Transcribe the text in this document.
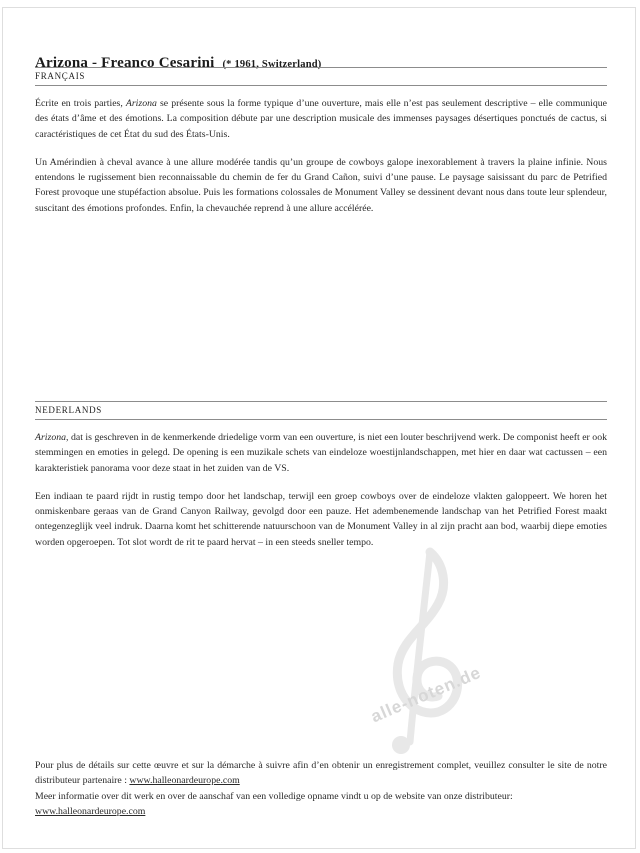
Arizona - Freanco Cesarini (* 1961, Switzerland)
FRANÇAIS

Écrite en trois parties, Arizona se présente sous la forme typique d’une ouverture, mais elle n’est pas seulement descriptive – elle communique des états d’âme et des émotions. La composition débute par une description musicale des immenses paysages désertiques ponctués de cactus, si caractéristiques de cet État du sud des États-Unis.

Un Amérindien à cheval avance à une allure modérée tandis qu’un groupe de cowboys galope inexorablement à travers la plaine infinie. Nous entendons le rugissement bien reconnaissable du chemin de fer du Grand Cañon, suivi d’une pause. Le paysage saisissant du parc de Petrified Forest provoque une stupéfaction absolue. Puis les formations colossales de Monument Valley se dessinent devant nous dans toute leur splendeur, suscitant des émotions profondes. Enfin, la chevauchée reprend à une allure accélérée.

NEDERLANDS

Arizona, dat is geschreven in de kenmerkende driedelige vorm van een ouverture, is niet een louter beschrijvend werk. De componist heeft er ook stemmingen en emoties in gelegd. De opening is een muzikale schets van eindeloze woestijnlandschappen, met hier en daar wat cactussen – een karakteristiek panorama voor deze staat in het zuiden van de VS.

Een indiaan te paard rijdt in rustig tempo door het landschap, terwijl een groep cowboys over de eindeloze vlakten galoppeert. We horen het onmiskenbare geraas van de Grand Canyon Railway, gevolgd door een pauze. Het adembenemende landschap van het Petrified Forest maakt ontegenzeglijk veel indruk. Daarna komt het schitterende natuurschoon van de Monument Valley in al zijn pracht aan bod, waarbij diepe emoties worden opgeroepen. Tot slot wordt de rit te paard hervat – in een steeds sneller tempo.

alle-noten.de

Pour plus de détails sur cette œuvre et sur la démarche à suivre afin d’en obtenir un enregistrement complet, veuillez consulter le site de notre distributeur partenaire : www.halleonardeurope.com

Meer informatie over dit werk en over de aanschaf van een volledige opname vindt u op de website van onze distributeur:
www.halleonardeurope.com
